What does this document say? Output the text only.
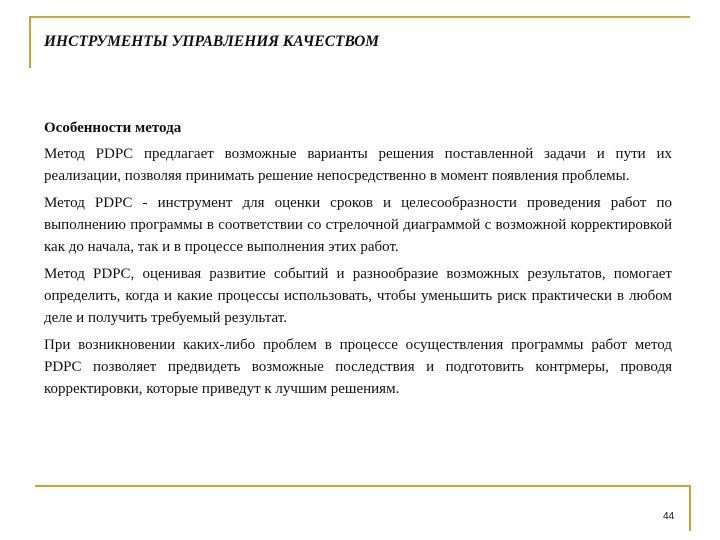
ИНСТРУМЕНТЫ УПРАВЛЕНИЯ КАЧЕСТВОМ
Особенности метода

Метод PDPC предлагает возможные варианты решения поставленной задачи и пути их реализации, позволяя принимать решение непосредственно в момент появления проблемы.

Метод PDPC - инструмент для оценки сроков и целесообразности проведения работ по выполнению программы в соответствии со стрелочной диаграммой с возможной корректировкой как до начала, так и в процессе выполнения этих работ.

Метод PDPC, оценивая развитие событий и разнообразие возможных результатов, помогает определить, когда и какие процессы использовать, чтобы уменьшить риск практически в любом деле и получить требуемый результат.

При возникновении каких-либо проблем в процессе осуществления программы работ метод PDPC позволяет предвидеть возможные последствия и подготовить контрмеры, проводя корректировки, которые приведут к лучшим решениям.

44
